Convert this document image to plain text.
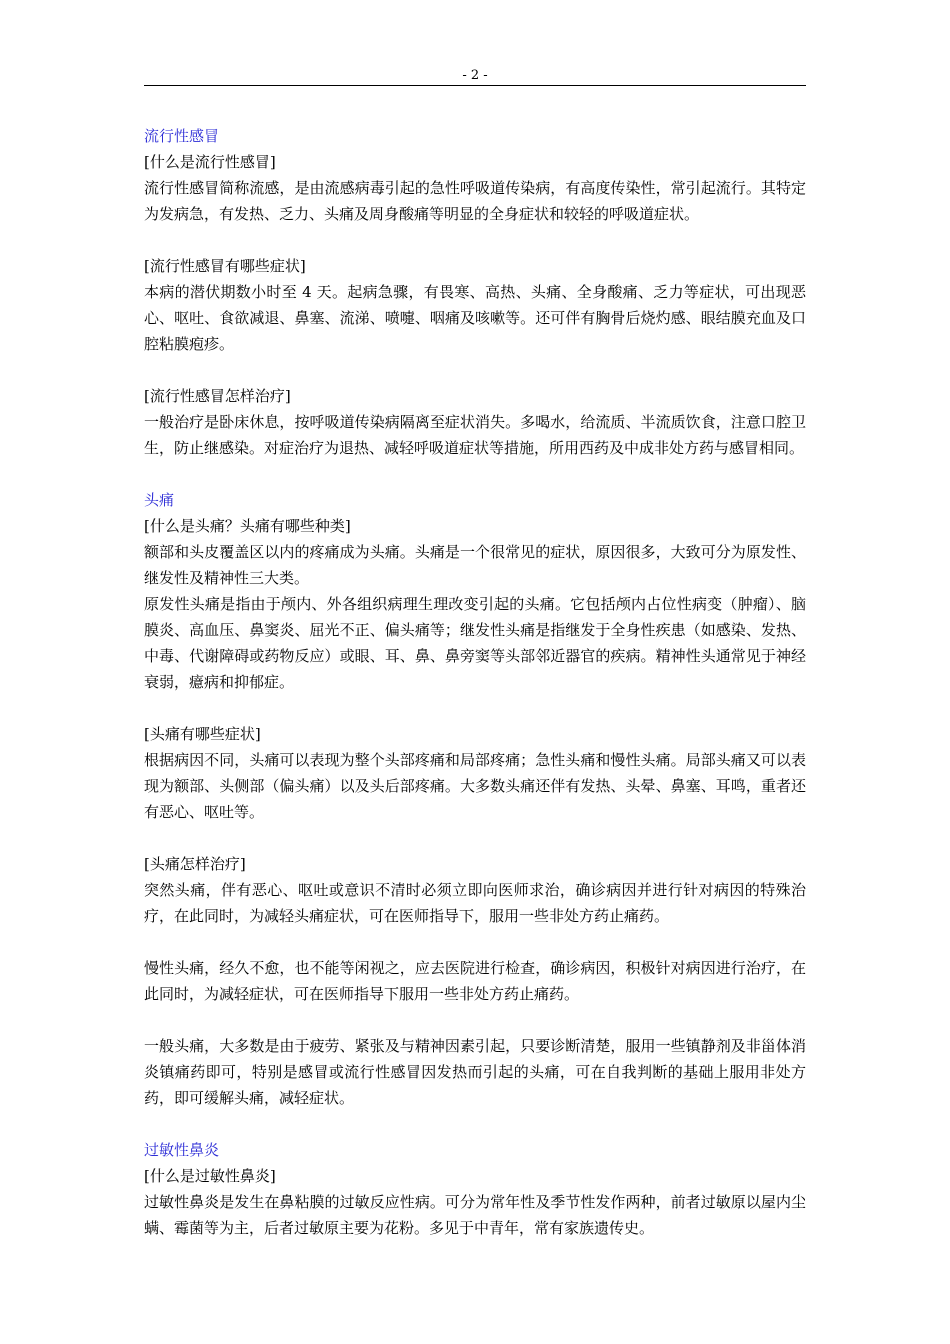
- 2 -

流行性感冒

[什么是流行性感冒]

流行性感冒简称流感，是由流感病毒引起的急性呼吸道传染病，有高度传染性，常引起流行。其特定为发病急，有发热、乏力、头痛及周身酸痛等明显的全身症状和较轻的呼吸道症状。

[流行性感冒有哪些症状]

本病的潜伏期数小时至 4 天。起病急骤，有畏寒、高热、头痛、全身酸痛、乏力等症状，可出现恶心、呕吐、食欲减退、鼻塞、流涕、喷嚏、咽痛及咳嗽等。还可伴有胸骨后烧灼感、眼结膜充血及口腔粘膜疱疹。

[流行性感冒怎样治疗]

一般治疗是卧床休息，按呼吸道传染病隔离至症状消失。多喝水，给流质、半流质饮食，注意口腔卫生，防止继感染。对症治疗为退热、减轻呼吸道症状等措施，所用西药及中成非处方药与感冒相同。

头痛

[什么是头痛？头痛有哪些种类]

额部和头皮覆盖区以内的疼痛成为头痛。头痛是一个很常见的症状，原因很多，大致可分为原发性、继发性及精神性三大类。

原发性头痛是指由于颅内、外各组织病理生理改变引起的头痛。它包括颅内占位性病变（肿瘤）、脑膜炎、高血压、鼻窦炎、屈光不正、偏头痛等；继发性头痛是指继发于全身性疾患（如感染、发热、中毒、代谢障碍或药物反应）或眼、耳、鼻、鼻旁窦等头部邻近器官的疾病。精神性头通常见于神经衰弱，癔病和抑郁症。

[头痛有哪些症状]

根据病因不同，头痛可以表现为整个头部疼痛和局部疼痛；急性头痛和慢性头痛。局部头痛又可以表现为额部、头侧部（偏头痛）以及头后部疼痛。大多数头痛还伴有发热、头晕、鼻塞、耳鸣，重者还有恶心、呕吐等。

[头痛怎样治疗]

突然头痛，伴有恶心、呕吐或意识不清时必须立即向医师求治，确诊病因并进行针对病因的特殊治疗，在此同时，为减轻头痛症状，可在医师指导下，服用一些非处方药止痛药。

慢性头痛，经久不愈，也不能等闲视之，应去医院进行检查，确诊病因，积极针对病因进行治疗，在此同时，为减轻症状，可在医师指导下服用一些非处方药止痛药。

一般头痛，大多数是由于疲劳、紧张及与精神因素引起，只要诊断清楚，服用一些镇静剂及非甾体消炎镇痛药即可，特别是感冒或流行性感冒因发热而引起的头痛，可在自我判断的基础上服用非处方药，即可缓解头痛，减轻症状。

过敏性鼻炎

[什么是过敏性鼻炎]

过敏性鼻炎是发生在鼻粘膜的过敏反应性病。可分为常年性及季节性发作两种，前者过敏原以屋内尘螨、霉菌等为主，后者过敏原主要为花粉。多见于中青年，常有家族遗传史。
